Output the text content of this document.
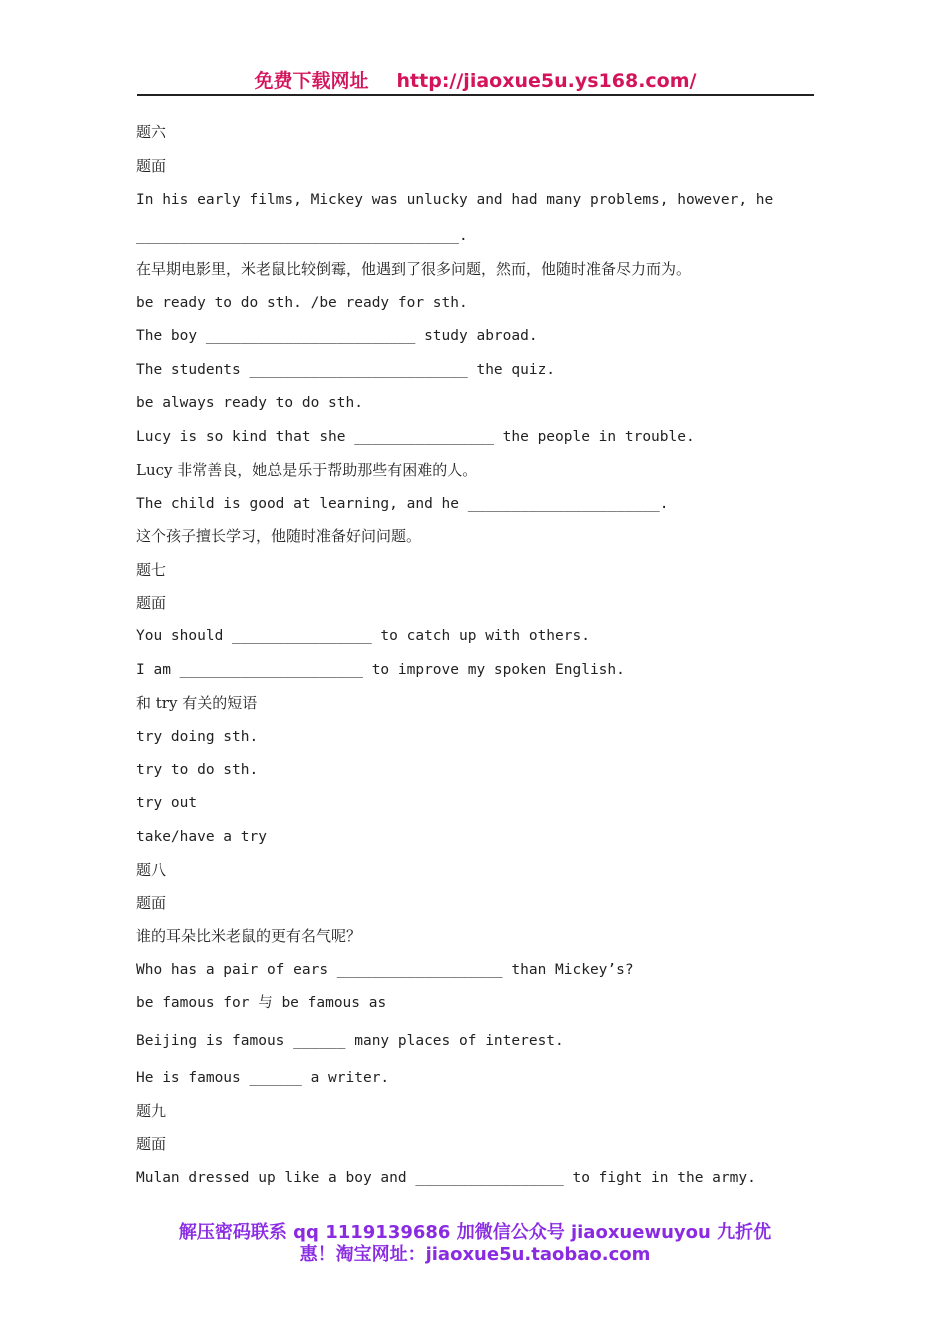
免费下载网址 http://jiaoxue5u.ys168.com/
题六
题面
In his early films, Mickey was unlucky and had many problems, however, he
_____________________________________.
在早期电影里，米老鼠比较倒霉，他遇到了很多问题，然而，他随时准备尽力而为。
be ready to do sth. /be ready for sth.
The boy ________________________ study abroad.
The students _________________________ the quiz.
be always ready to do sth.
Lucy is so kind that she ________________ the people in trouble.
Lucy 非常善良，她总是乐于帮助那些有困难的人。
The child is good at learning, and he ______________________.
这个孩子擅长学习，他随时准备好问问题。
题七
题面
You should ________________ to catch up with others.
I am _____________________ to improve my spoken English.
和 try 有关的短语
try doing sth.
try to do sth.
try out
take/have a try
题八
题面
谁的耳朵比米老鼠的更有名气呢？
Who has a pair of ears ___________________ than Mickey’s?
be famous for 与 be famous as
Beijing is famous ______ many places of interest.
He is famous ______ a writer.
题九
题面
Mulan dressed up like a boy and _________________ to fight in the army.
解压密码联系 qq 1119139686 加微信公众号 jiaoxuewuyou 九折优
惠！淘宝网址：jiaoxue5u.taobao.com
